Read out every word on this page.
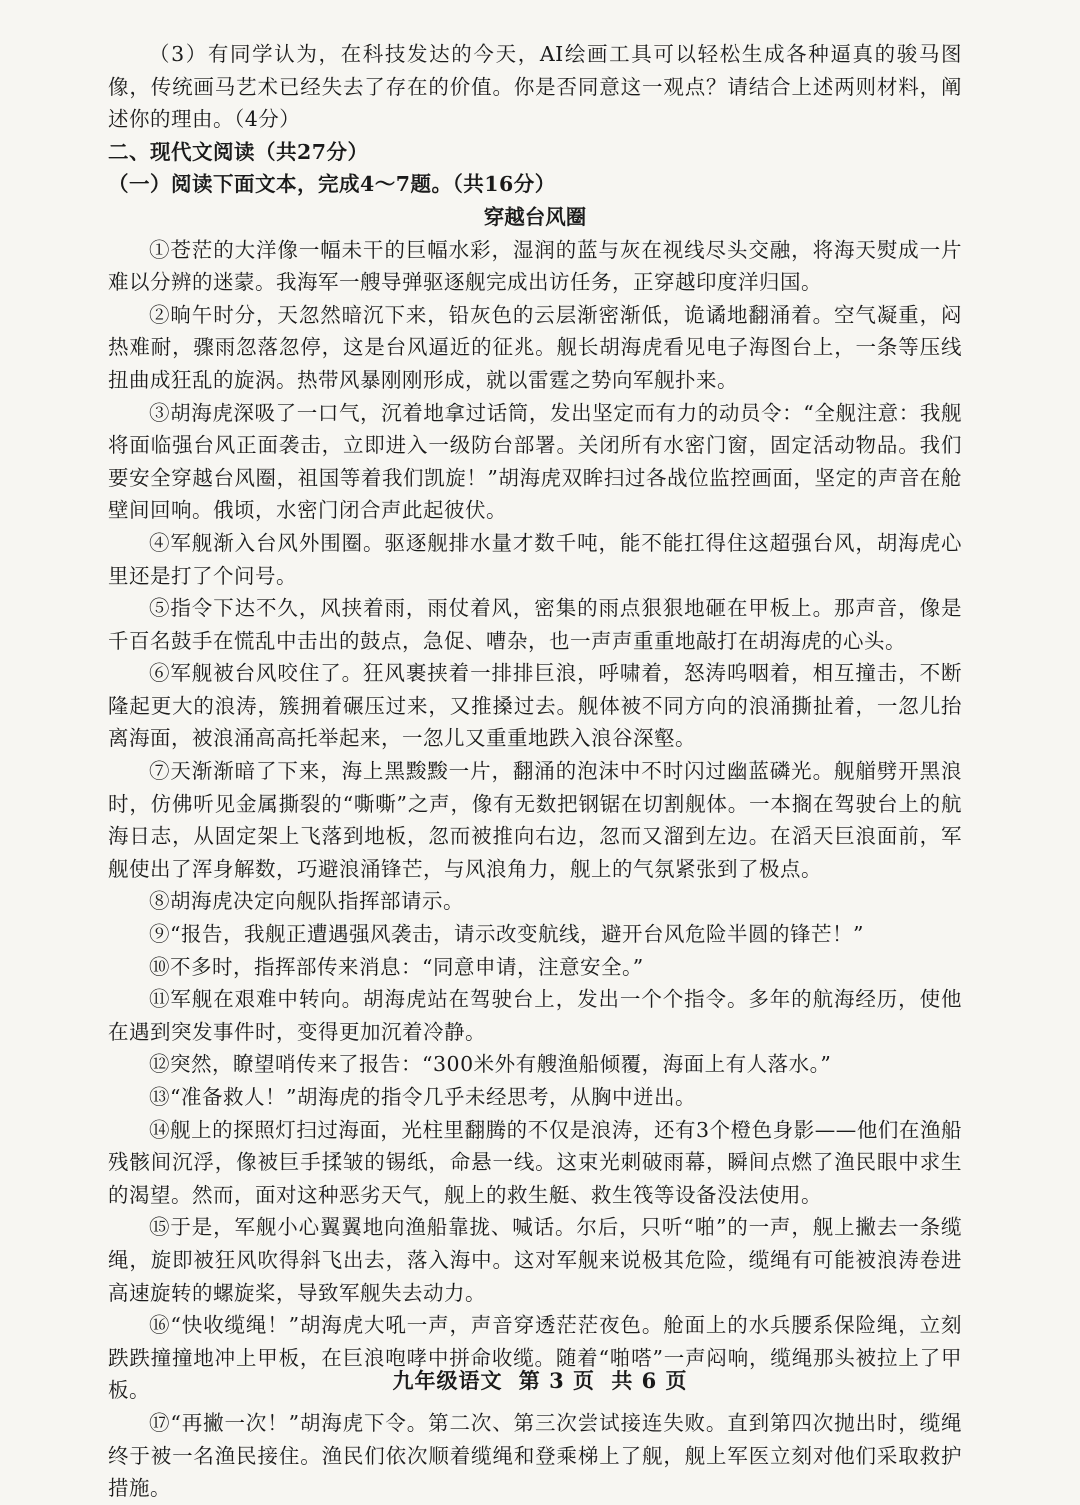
（3）有同学认为，在科技发达的今天，AI绘画工具可以轻松生成各种逼真的骏马图像，传统画马艺术已经失去了存在的价值。你是否同意这一观点？请结合上述两则材料，阐述你的理由。（4分）

二、现代文阅读（共27分）

（一）阅读下面文本，完成4～7题。（共16分）

穿越台风圈

①苍茫的大洋像一幅未干的巨幅水彩，湿润的蓝与灰在视线尽头交融，将海天熨成一片难以分辨的迷蒙。我海军一艘导弹驱逐舰完成出访任务，正穿越印度洋归国。

②晌午时分，天忽然暗沉下来，铅灰色的云层渐密渐低，诡谲地翻涌着。空气凝重，闷热难耐，骤雨忽落忽停，这是台风逼近的征兆。舰长胡海虎看见电子海图台上，一条等压线扭曲成狂乱的旋涡。热带风暴刚刚形成，就以雷霆之势向军舰扑来。

③胡海虎深吸了一口气，沉着地拿过话筒，发出坚定而有力的动员令：“全舰注意：我舰将面临强台风正面袭击，立即进入一级防台部署。关闭所有水密门窗，固定活动物品。我们要安全穿越台风圈，祖国等着我们凯旋！”胡海虎双眸扫过各战位监控画面，坚定的声音在舱壁间回响。俄顷，水密门闭合声此起彼伏。

④军舰渐入台风外围圈。驱逐舰排水量才数千吨，能不能扛得住这超强台风，胡海虎心里还是打了个问号。

⑤指令下达不久，风挟着雨，雨仗着风，密集的雨点狠狠地砸在甲板上。那声音，像是千百名鼓手在慌乱中击出的鼓点，急促、嘈杂，也一声声重重地敲打在胡海虎的心头。

⑥军舰被台风咬住了。狂风裹挟着一排排巨浪，呼啸着，怒涛呜咽着，相互撞击，不断隆起更大的浪涛，簇拥着碾压过来，又推搡过去。舰体被不同方向的浪涌撕扯着，一忽儿抬离海面，被浪涌高高托举起来，一忽儿又重重地跌入浪谷深壑。

⑦天渐渐暗了下来，海上黑黢黢一片，翻涌的泡沫中不时闪过幽蓝磷光。舰艏劈开黑浪时，仿佛听见金属撕裂的“嘶嘶”之声，像有无数把钢锯在切割舰体。一本搁在驾驶台上的航海日志，从固定架上飞落到地板，忽而被推向右边，忽而又溜到左边。在滔天巨浪面前，军舰使出了浑身解数，巧避浪涌锋芒，与风浪角力，舰上的气氛紧张到了极点。

⑧胡海虎决定向舰队指挥部请示。

⑨“报告，我舰正遭遇强风袭击，请示改变航线，避开台风危险半圆的锋芒！”

⑩不多时，指挥部传来消息：“同意申请，注意安全。”

⑪军舰在艰难中转向。胡海虎站在驾驶台上，发出一个个指令。多年的航海经历，使他在遇到突发事件时，变得更加沉着冷静。

⑫突然，瞭望哨传来了报告：“300米外有艘渔船倾覆，海面上有人落水。”

⑬“准备救人！”胡海虎的指令几乎未经思考，从胸中迸出。

⑭舰上的探照灯扫过海面，光柱里翻腾的不仅是浪涛，还有3个橙色身影——他们在渔船残骸间沉浮，像被巨手揉皱的锡纸，命悬一线。这束光刺破雨幕，瞬间点燃了渔民眼中求生的渴望。然而，面对这种恶劣天气，舰上的救生艇、救生筏等设备没法使用。

⑮于是，军舰小心翼翼地向渔船靠拢、喊话。尔后，只听“啪”的一声，舰上撇去一条缆绳，旋即被狂风吹得斜飞出去，落入海中。这对军舰来说极其危险，缆绳有可能被浪涛卷进高速旋转的螺旋桨，导致军舰失去动力。

⑯“快收缆绳！”胡海虎大吼一声，声音穿透茫茫夜色。舱面上的水兵腰系保险绳，立刻跌跌撞撞地冲上甲板，在巨浪咆哮中拼命收缆。随着“啪嗒”一声闷响，缆绳那头被拉上了甲板。

⑰“再撇一次！”胡海虎下令。第二次、第三次尝试接连失败。直到第四次抛出时，缆绳终于被一名渔民接住。渔民们依次顺着缆绳和登乘梯上了舰，舰上军医立刻对他们采取救护措施。

九年级语文 第 3 页 共 6 页
